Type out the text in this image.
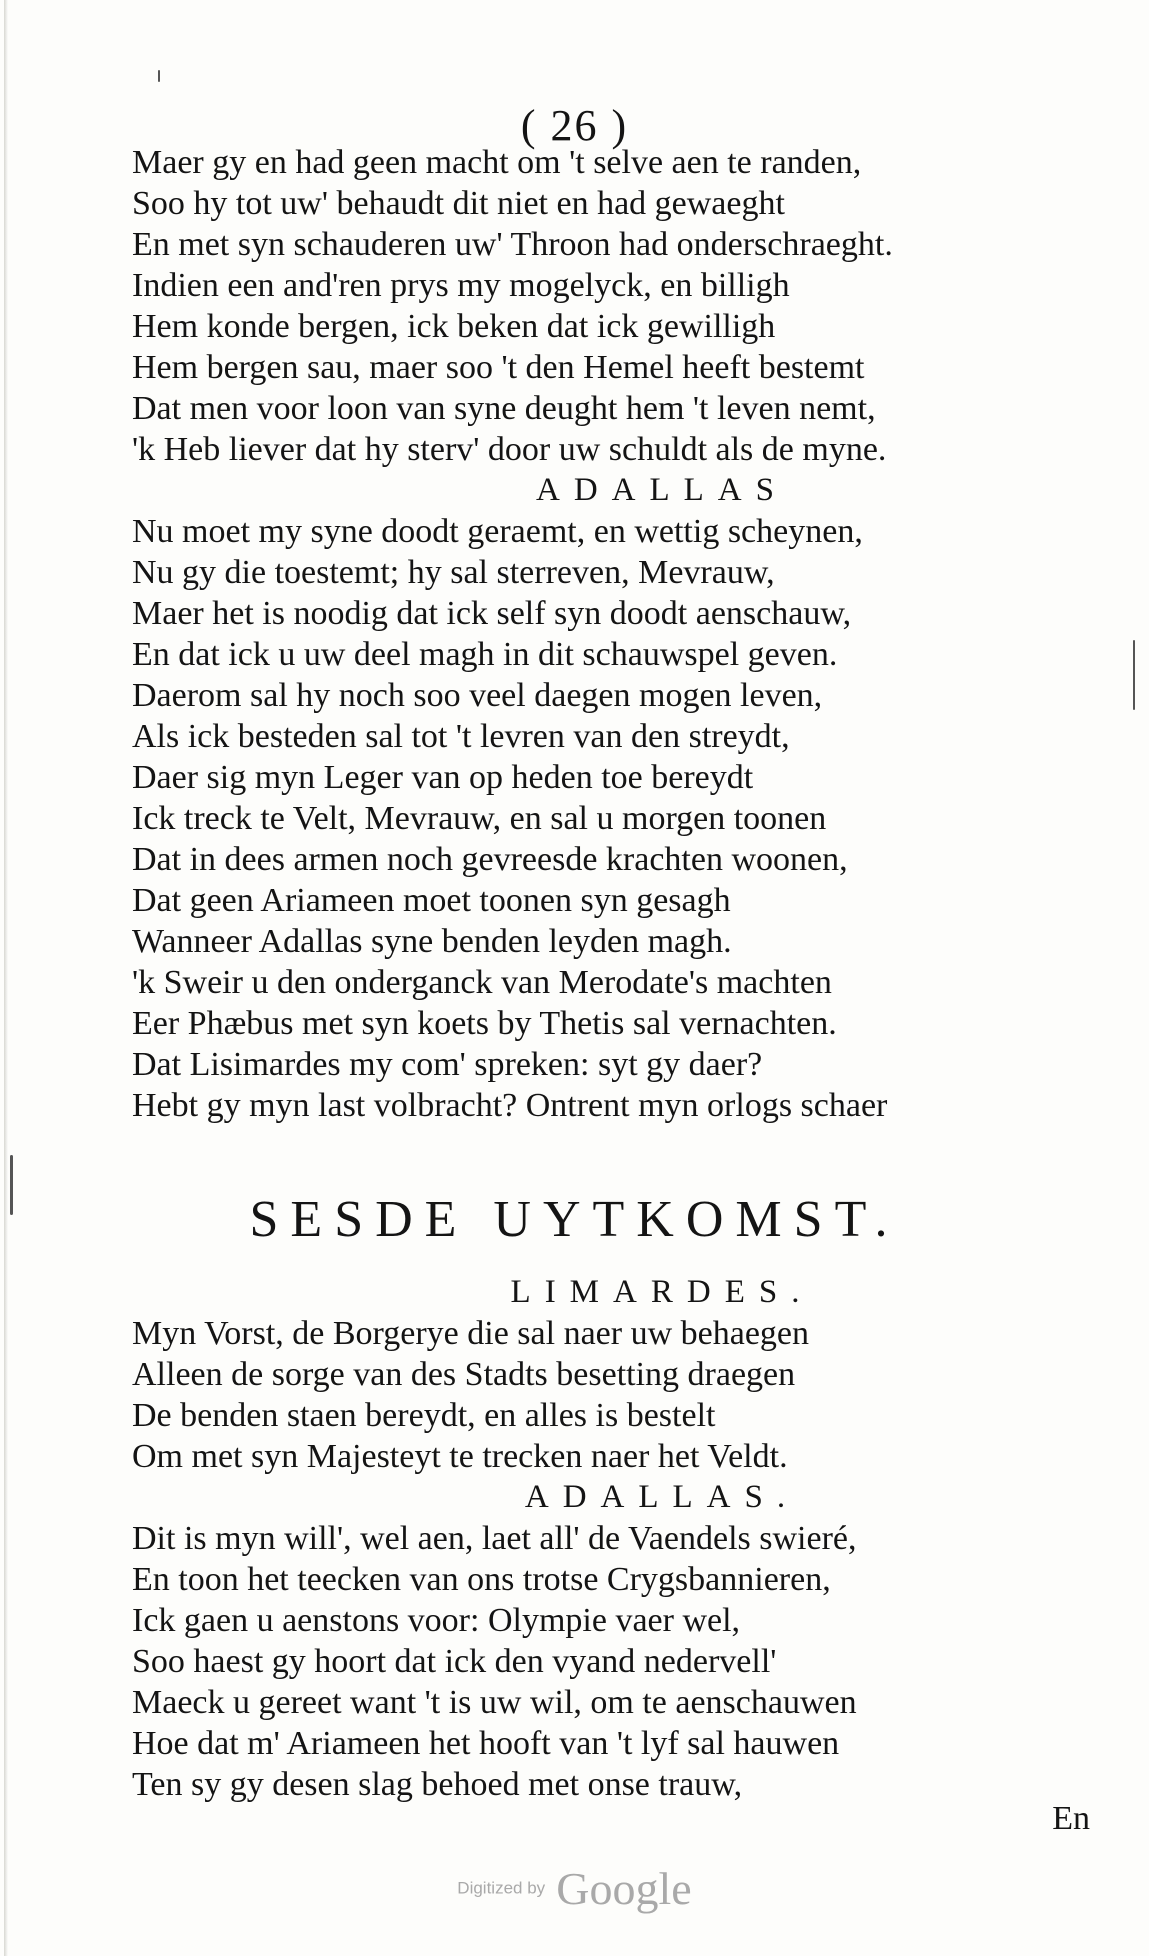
( 26 )
Maer gy en had geen macht om 't selve aen te randen,
Soo hy tot uw' behaudt dit niet en had gewaeght
En met syn schauderen uw' Throon had onderschraeght.
Indien een and'ren prys my mogelyck, en billigh
Hem konde bergen, ick beken dat ick gewilligh
Hem bergen sau, maer soo 't den Hemel heeft bestemt
Dat men voor loon van syne deught hem 't leven nemt,
'k Heb liever dat hy sterv' door uw schuldt als de myne.
ADALLAS
Nu moet my syne doodt geraemt, en wettig scheynen,
Nu gy die toestemt; hy sal sterreven, Mevrauw,
Maer het is noodig dat ick self syn doodt aenschauw,
En dat ick u uw deel magh in dit schauwspel geven.
Daerom sal hy noch soo veel daegen mogen leven,
Als ick besteden sal tot 't levren van den streydt,
Daer sig myn Leger van op heden toe bereydt
Ick treck te Velt, Mevrauw, en sal u morgen toonen
Dat in dees armen noch gevreesde krachten woonen,
Dat geen Ariameen moet toonen syn gesagh
Wanneer Adallas syne benden leyden magh.
'k Sweir u den onderganck van Merodate's machten
Eer Phæbus met syn koets by Thetis sal vernachten.
Dat Lisimardes my com' spreken: syt gy daer?
Hebt gy myn last volbracht? Ontrent myn orlogs schaer
SESDE UYTKOMST.
LIMARDES.
Myn Vorst, de Borgerye die sal naer uw behaegen
Alleen de sorge van des Stadts besetting draegen
De benden staen bereydt, en alles is bestelt
Om met syn Majesteyt te trecken naer het Veldt.
ADALLAS.
Dit is myn will', wel aen, laet all' de Vaendels swieré,
En toon het teecken van ons trotse Crygsbannieren,
Ick gaen u aenstons voor: Olympie vaer wel,
Soo haest gy hoort dat ick den vyand nedervell'
Maeck u gereet want 't is uw wil, om te aenschauwen
Hoe dat m' Ariameen het hooft van 't lyf sal hauwen
Ten sy gy desen slag behoed met onse trauw,
En
Digitized by Google
